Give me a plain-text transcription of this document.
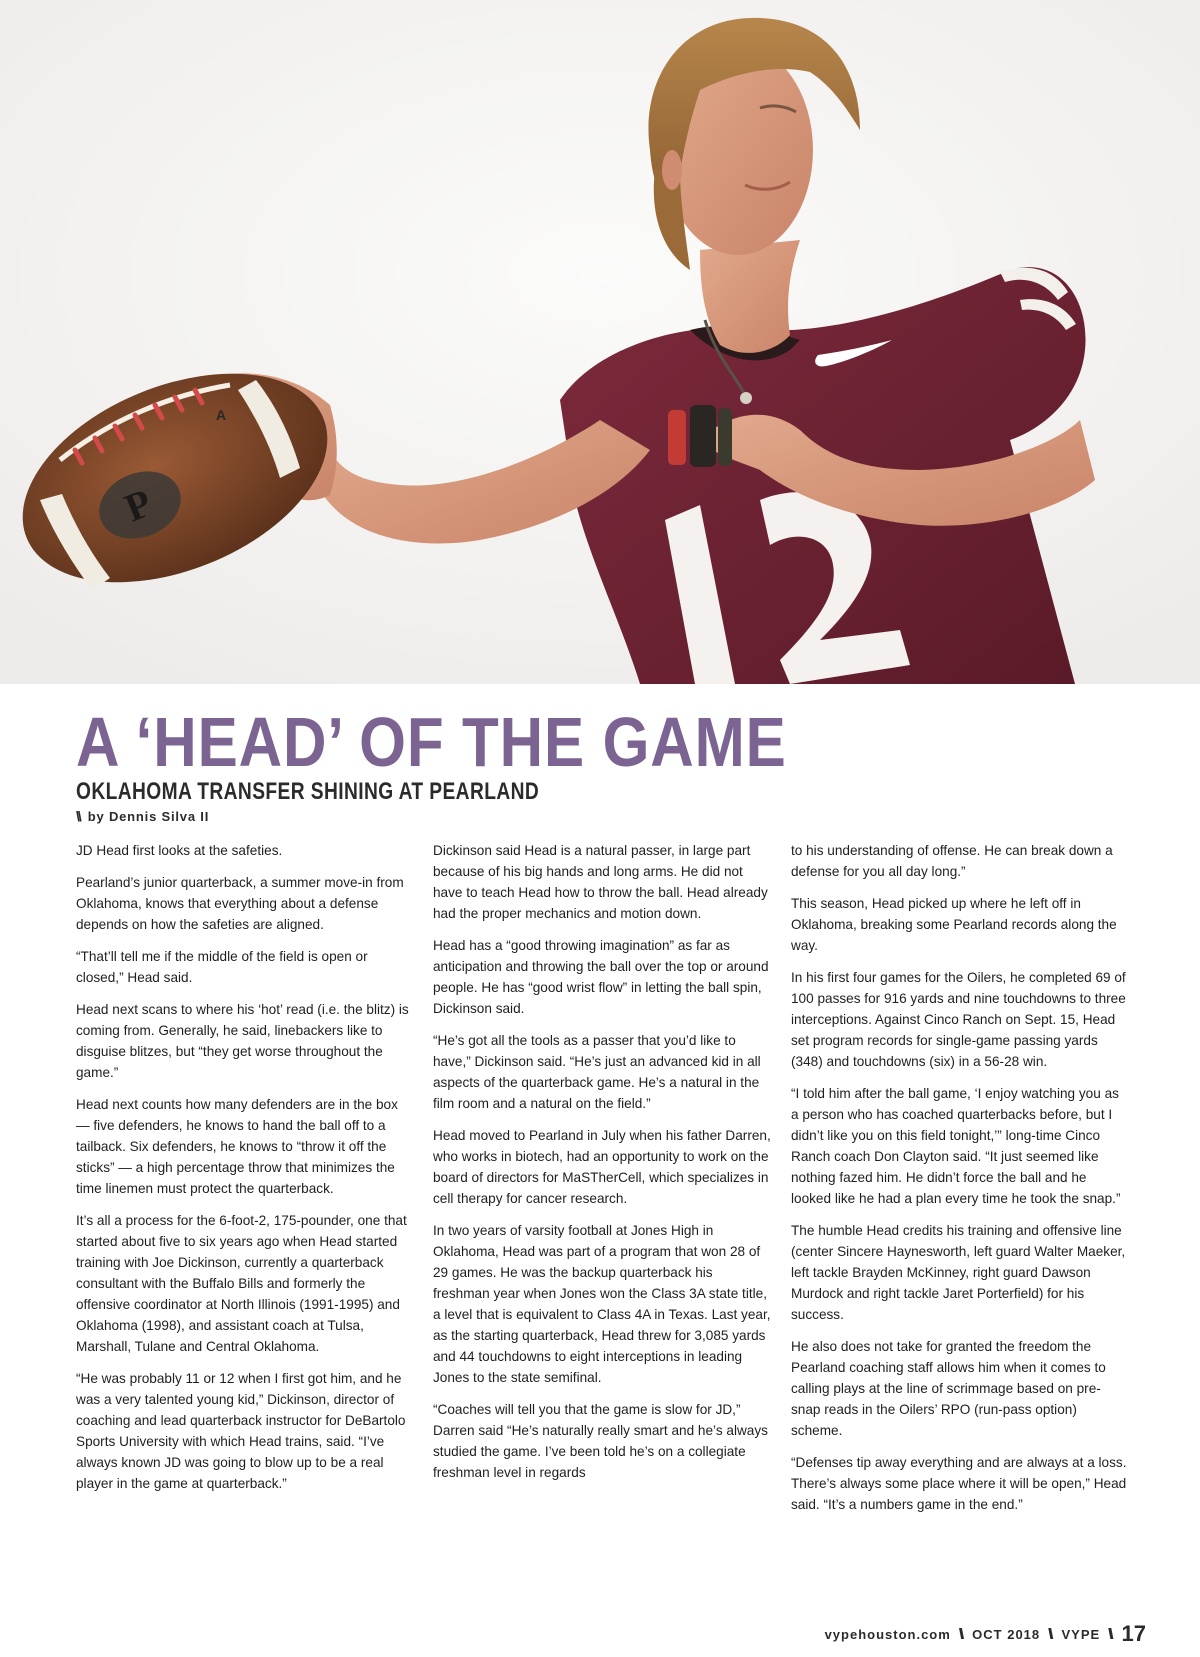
P
A
A ‘HEAD’ OF THE GAME
OKLAHOMA TRANSFER SHINING AT PEARLAND
\\ by Dennis Silva II

JD Head first looks at the safeties.

Pearland’s junior quarterback, a summer move-in from Oklahoma, knows that everything about a defense depends on how the safeties are aligned.

“That’ll tell me if the middle of the field is open or closed,” Head said.

Head next scans to where his ‘hot’ read (i.e. the blitz) is coming from. Generally, he said, linebackers like to disguise blitzes, but “they get worse throughout the game.”

Head next counts how many defenders are in the box — five defenders, he knows to hand the ball off to a tailback. Six defenders, he knows to “throw it off the sticks” — a high percentage throw that minimizes the time linemen must protect the quarterback.

It’s all a process for the 6-foot-2, 175-pounder, one that started about five to six years ago when Head started training with Joe Dickinson, currently a quarterback consultant with the Buffalo Bills and formerly the offensive coordinator at North Illinois (1991-1995) and Oklahoma (1998), and assistant coach at Tulsa, Marshall, Tulane and Central Oklahoma.

“He was probably 11 or 12 when I first got him, and he was a very talented young kid,” Dickinson, director of coaching and lead quarterback instructor for DeBartolo Sports University with which Head trains, said. “I’ve always known JD was going to blow up to be a real player in the game at quarterback.”

Dickinson said Head is a natural passer, in large part because of his big hands and long arms. He did not have to teach Head how to throw the ball. Head already had the proper mechanics and motion down.

Head has a “good throwing imagination” as far as anticipation and throwing the ball over the top or around people. He has “good wrist flow” in letting the ball spin, Dickinson said.

“He’s got all the tools as a passer that you’d like to have,” Dickinson said. “He’s just an advanced kid in all aspects of the quarterback game. He’s a natural in the film room and a natural on the field.”

Head moved to Pearland in July when his father Darren, who works in biotech, had an opportunity to work on the board of directors for MaSTherCell, which specializes in cell therapy for cancer research.

In two years of varsity football at Jones High in Oklahoma, Head was part of a program that won 28 of 29 games. He was the backup quarterback his freshman year when Jones won the Class 3A state title, a level that is equivalent to Class 4A in Texas. Last year, as the starting quarterback, Head threw for 3,085 yards and 44 touchdowns to eight interceptions in leading Jones to the state semifinal.

“Coaches will tell you that the game is slow for JD,” Darren said “He’s naturally really smart and he’s always studied the game. I’ve been told he’s on a collegiate freshman level in regards

to his understanding of offense. He can break down a defense for you all day long.”

This season, Head picked up where he left off in Oklahoma, breaking some Pearland records along the way.

In his first four games for the Oilers, he completed 69 of 100 passes for 916 yards and nine touchdowns to three interceptions. Against Cinco Ranch on Sept. 15, Head set program records for single-game passing yards (348) and touchdowns (six) in a 56-28 win.

“I told him after the ball game, ‘I enjoy watching you as a person who has coached quarterbacks before, but I didn’t like you on this field tonight,’” long-time Cinco Ranch coach Don Clayton said. “It just seemed like nothing fazed him. He didn’t force the ball and he looked like he had a plan every time he took the snap.”

The humble Head credits his training and offensive line (center Sincere Haynesworth, left guard Walter Maeker, left tackle Brayden McKinney, right guard Dawson Murdock and right tackle Jaret Porterfield) for his success.

He also does not take for granted the freedom the Pearland coaching staff allows him when it comes to calling plays at the line of scrimmage based on pre-snap reads in the Oilers’ RPO (run-pass option) scheme.

“Defenses tip away everything and are always at a loss. There’s always some place where it will be open,” Head said. “It’s a numbers game in the end.”

vypehouston.com \\ OCT 2018 \\ VYPE \\ 17
